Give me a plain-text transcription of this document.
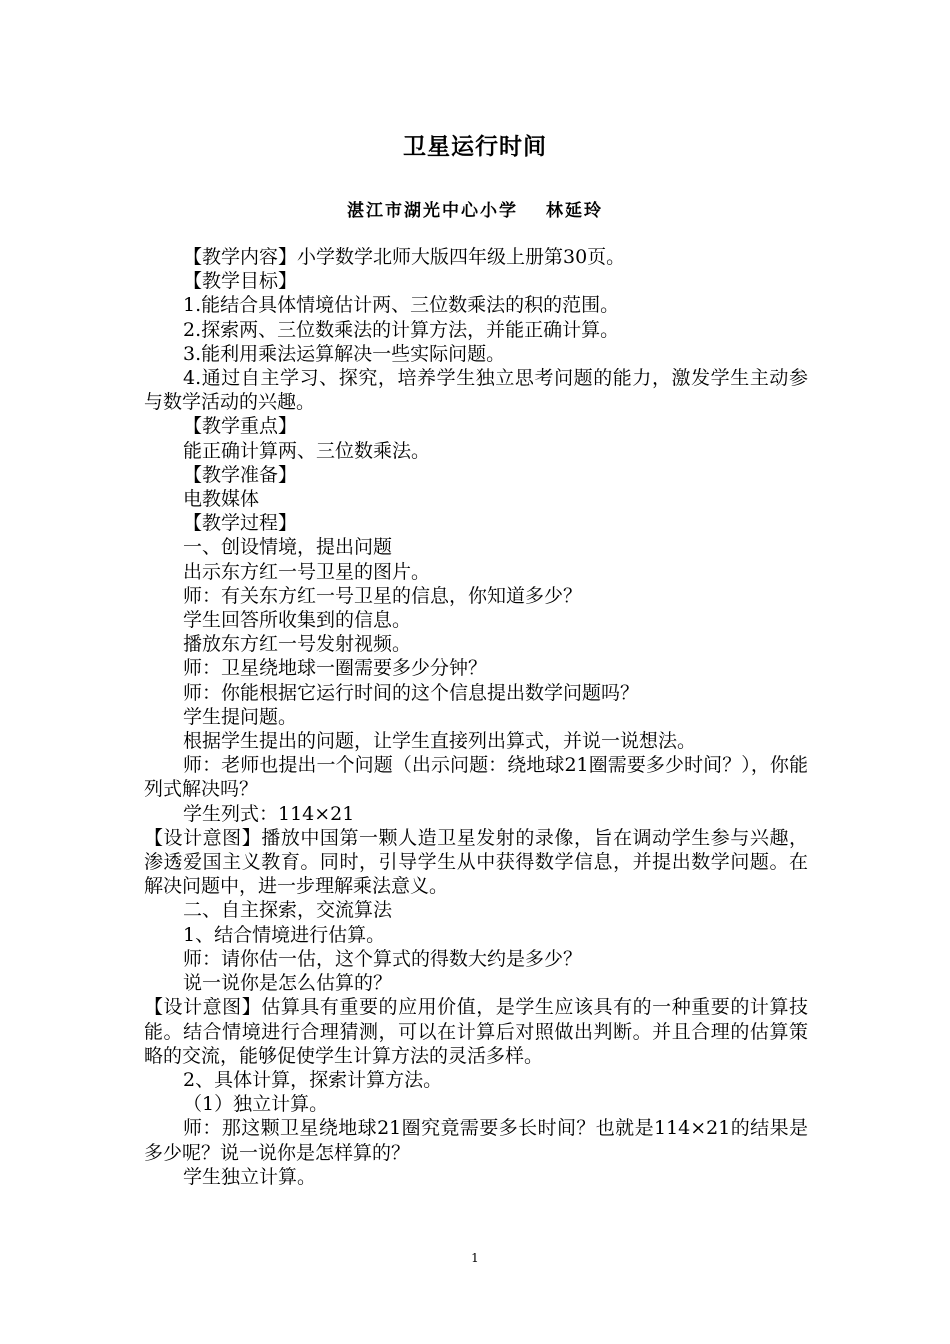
卫星运行时间
湛江市湖光中心小学 林延玲

【教学内容】小学数学北师大版四年级上册第30页。

【教学目标】

1.能结合具体情境估计两、三位数乘法的积的范围。

2.探索两、三位数乘法的计算方法，并能正确计算。

3.能利用乘法运算解决一些实际问题。

4.通过自主学习、探究，培养学生独立思考问题的能力，激发学生主动参与数学活动的兴趣。

【教学重点】

能正确计算两、三位数乘法。

【教学准备】

电教媒体

【教学过程】

一、创设情境，提出问题

出示东方红一号卫星的图片。

师：有关东方红一号卫星的信息，你知道多少？

学生回答所收集到的信息。

播放东方红一号发射视频。

师：卫星绕地球一圈需要多少分钟？

师：你能根据它运行时间的这个信息提出数学问题吗？

学生提问题。

根据学生提出的问题，让学生直接列出算式，并说一说想法。

师：老师也提出一个问题（出示问题：绕地球21圈需要多少时间？），你能列式解决吗？

学生列式：114×21

【设计意图】播放中国第一颗人造卫星发射的录像，旨在调动学生参与兴趣，渗透爱国主义教育。同时，引导学生从中获得数学信息，并提出数学问题。在解决问题中，进一步理解乘法意义。

二、自主探索，交流算法

1、结合情境进行估算。

师：请你估一估，这个算式的得数大约是多少？

说一说你是怎么估算的？

【设计意图】估算具有重要的应用价值，是学生应该具有的一种重要的计算技能。结合情境进行合理猜测，可以在计算后对照做出判断。并且合理的估算策略的交流，能够促使学生计算方法的灵活多样。

2、具体计算，探索计算方法。

（1）独立计算。

师：那这颗卫星绕地球21圈究竟需要多长时间？也就是114×21的结果是多少呢？说一说你是怎样算的？

学生独立计算。

1
